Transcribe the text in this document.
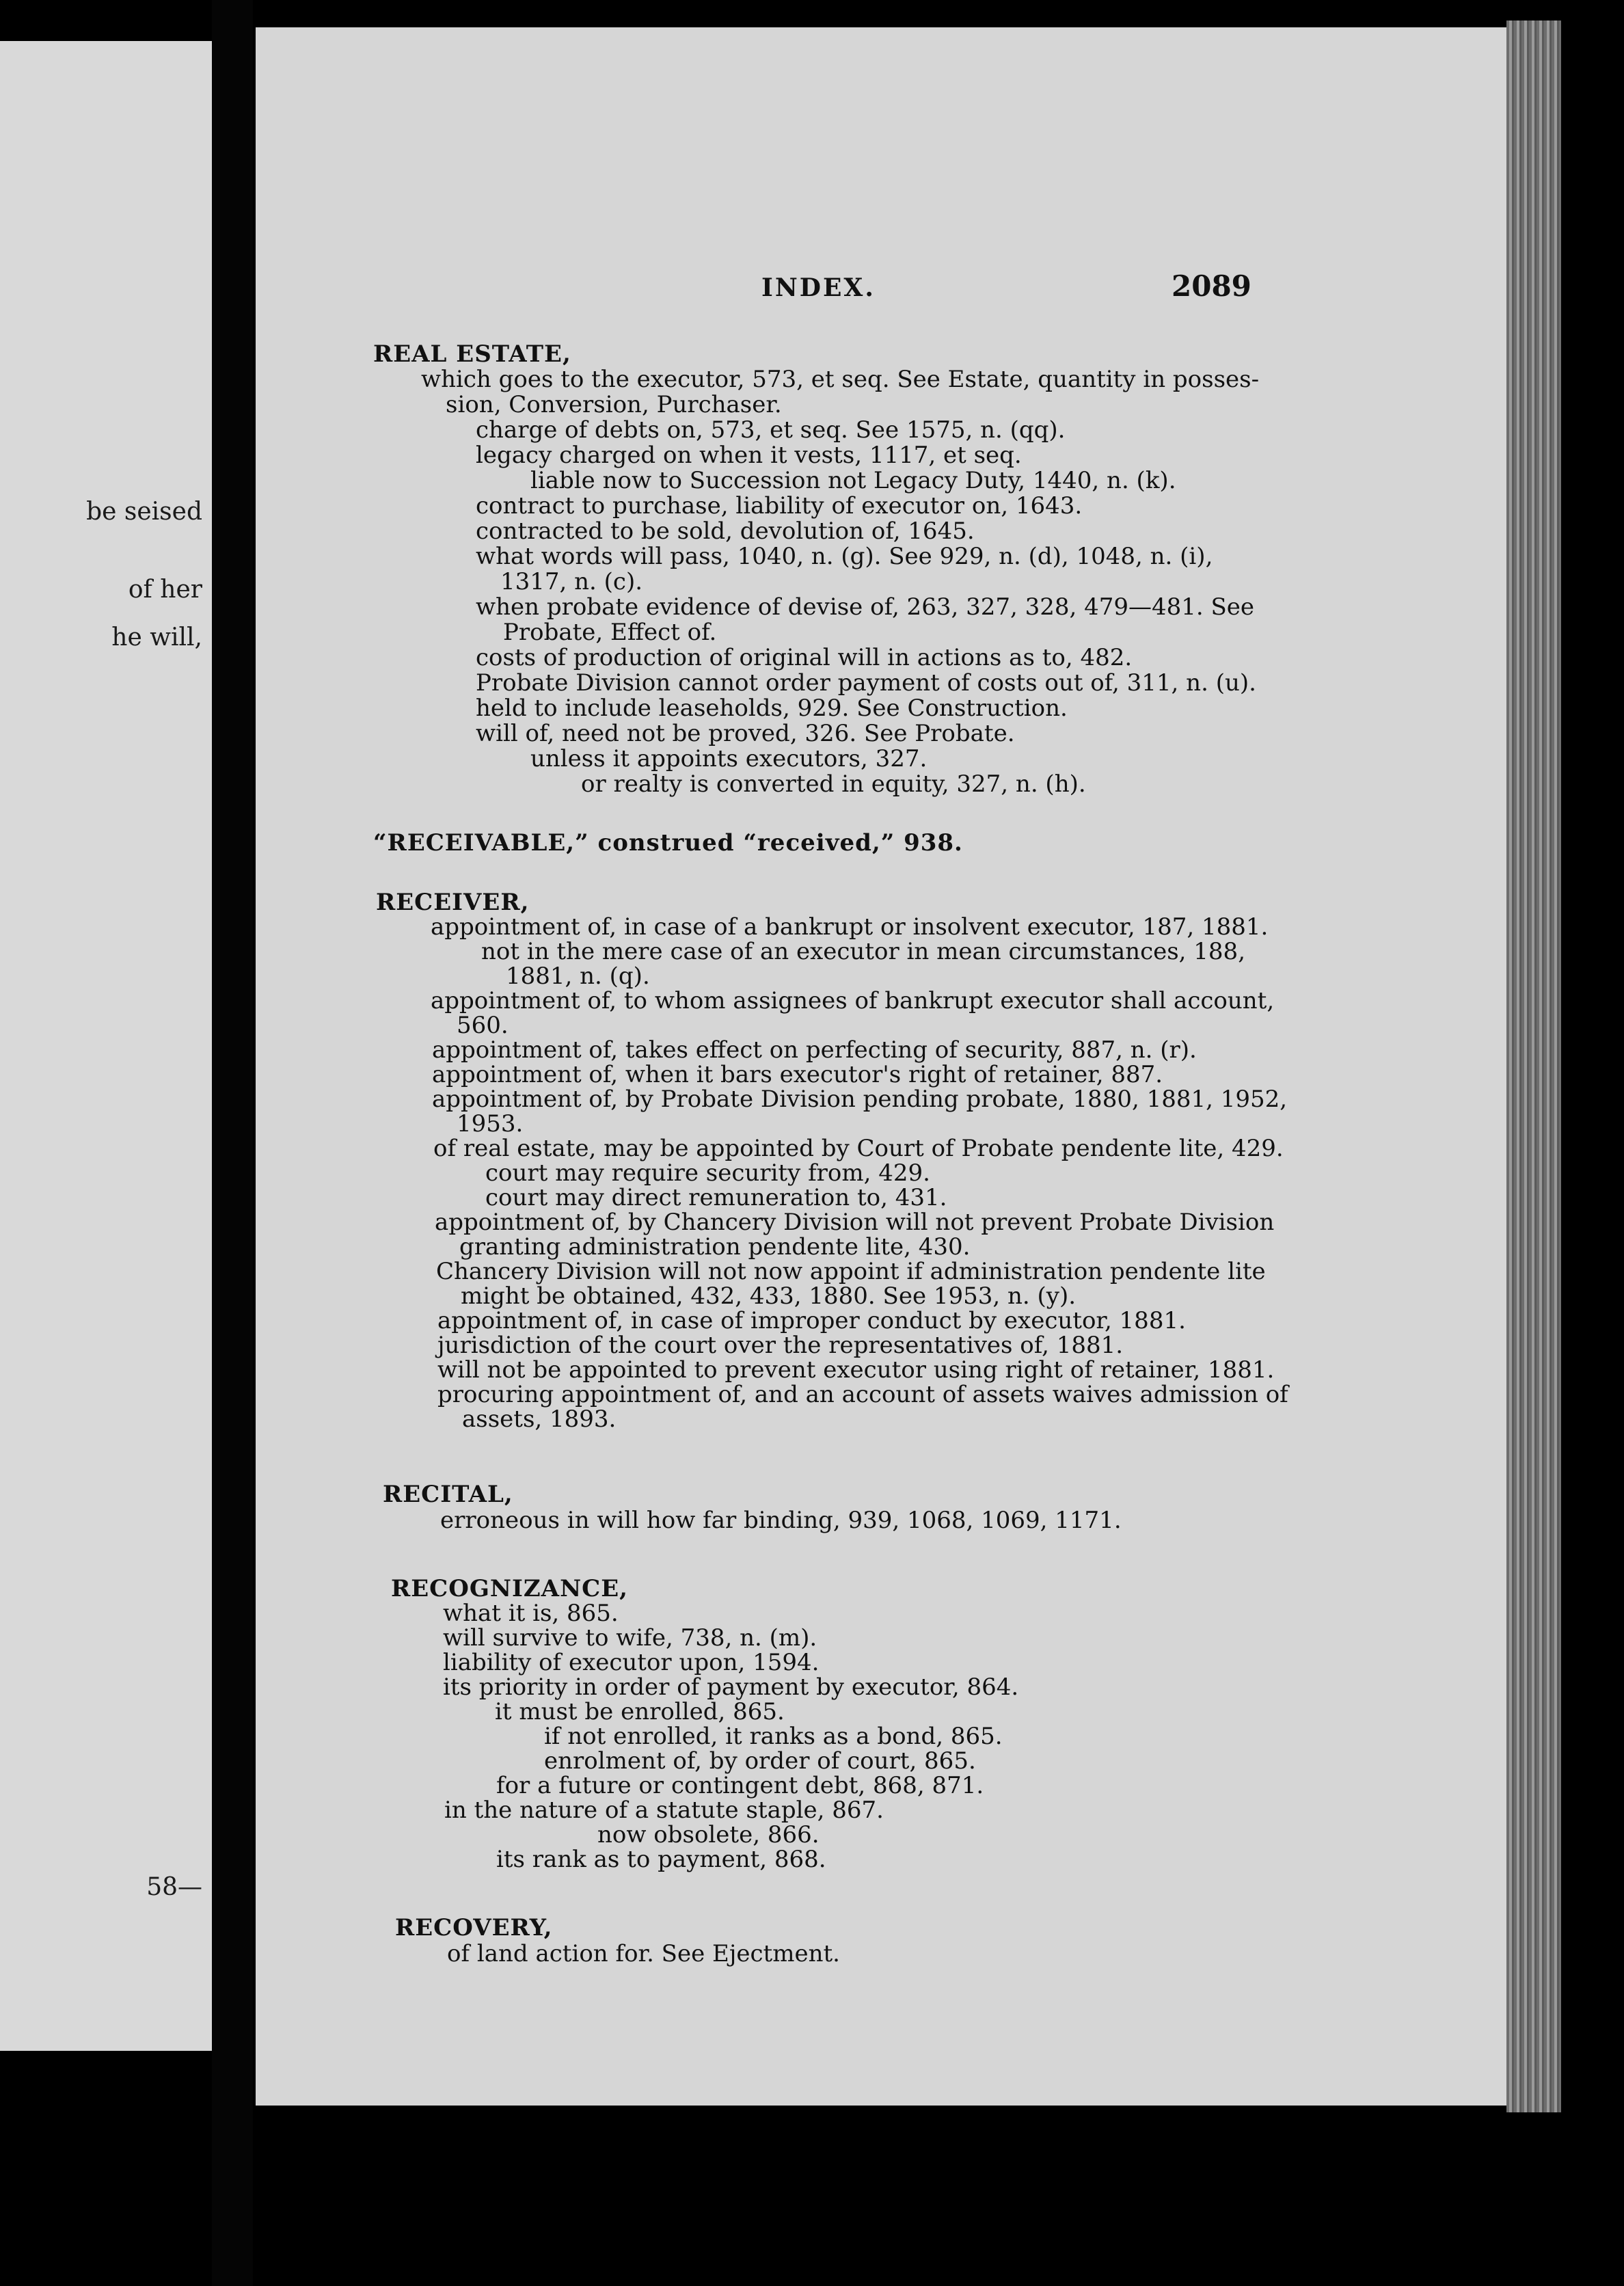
be seised
of her
he will,
58—
INDEX.	2089
REAL ESTATE,
which goes to the executor, 573, et seq. See Estate, quantity in posses-
sion, Conversion, Purchaser.
charge of debts on, 573, et seq. See 1575, n. (qq).
legacy charged on when it vests, 1117, et seq.
liable now to Succession not Legacy Duty, 1440, n. (k).
contract to purchase, liability of executor on, 1643.
contracted to be sold, devolution of, 1645.
what words will pass, 1040, n. (g). See 929, n. (d), 1048, n. (i),
1317, n. (c).
when probate evidence of devise of, 263, 327, 328, 479—481. See
Probate, Effect of.
costs of production of original will in actions as to, 482.
Probate Division cannot order payment of costs out of, 311, n. (u).
held to include leaseholds, 929. See Construction.
will of, need not be proved, 326. See Probate.
unless it appoints executors, 327.
or realty is converted in equity, 327, n. (h).
“RECEIVABLE,” construed “received,” 938.
RECEIVER,
appointment of, in case of a bankrupt or insolvent executor, 187, 1881.
not in the mere case of an executor in mean circumstances, 188,
1881, n. (q).
appointment of, to whom assignees of bankrupt executor shall account,
560.
appointment of, takes effect on perfecting of security, 887, n. (r).
appointment of, when it bars executor's right of retainer, 887.
appointment of, by Probate Division pending probate, 1880, 1881, 1952,
1953.
of real estate, may be appointed by Court of Probate pendente lite, 429.
court may require security from, 429.
court may direct remuneration to, 431.
appointment of, by Chancery Division will not prevent Probate Division
granting administration pendente lite, 430.
Chancery Division will not now appoint if administration pendente lite
might be obtained, 432, 433, 1880. See 1953, n. (y).
appointment of, in case of improper conduct by executor, 1881.
jurisdiction of the court over the representatives of, 1881.
will not be appointed to prevent executor using right of retainer, 1881.
procuring appointment of, and an account of assets waives admission of
assets, 1893.
RECITAL,
erroneous in will how far binding, 939, 1068, 1069, 1171.
RECOGNIZANCE,
what it is, 865.
will survive to wife, 738, n. (m).
liability of executor upon, 1594.
its priority in order of payment by executor, 864.
it must be enrolled, 865.
if not enrolled, it ranks as a bond, 865.
enrolment of, by order of court, 865.
for a future or contingent debt, 868, 871.
in the nature of a statute staple, 867.
now obsolete, 866.
its rank as to payment, 868.
RECOVERY,
of land action for. See Ejectment.
